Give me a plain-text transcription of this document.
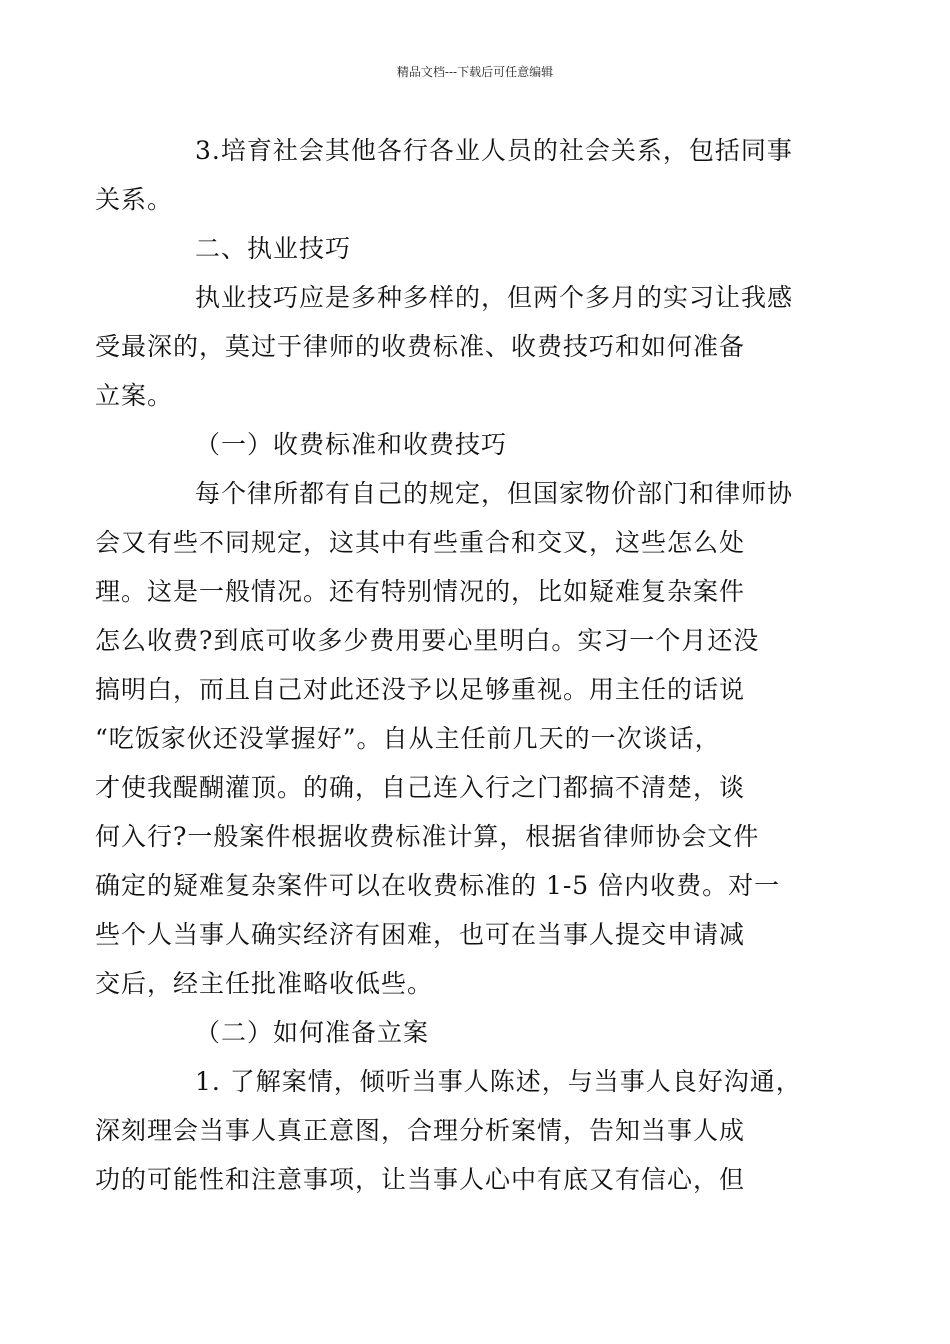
精品文档---下载后可任意编辑

3.培育社会其他各行各业人员的社会关系，包括同事
关系。

二、执业技巧

执业技巧应是多种多样的，但两个多月的实习让我感
受最深的，莫过于律师的收费标准、收费技巧和如何准备
立案。

（一）收费标准和收费技巧

每个律所都有自己的规定，但国家物价部门和律师协
会又有些不同规定，这其中有些重合和交叉，这些怎么处
理。这是一般情况。还有特别情况的，比如疑难复杂案件
怎么收费?到底可收多少费用要心里明白。实习一个月还没
搞明白，而且自己对此还没予以足够重视。用主任的话说
“吃饭家伙还没掌握好”。自从主任前几天的一次谈话，
才使我醍醐灌顶。的确，自己连入行之门都搞不清楚，谈
何入行?一般案件根据收费标准计算，根据省律师协会文件
确定的疑难复杂案件可以在收费标准的 1-5 倍内收费。对一
些个人当事人确实经济有困难，也可在当事人提交申请减
交后，经主任批准略收低些。

（二）如何准备立案

1. 了解案情，倾听当事人陈述，与当事人良好沟通，
深刻理会当事人真正意图，合理分析案情，告知当事人成
功的可能性和注意事项，让当事人心中有底又有信心，但
